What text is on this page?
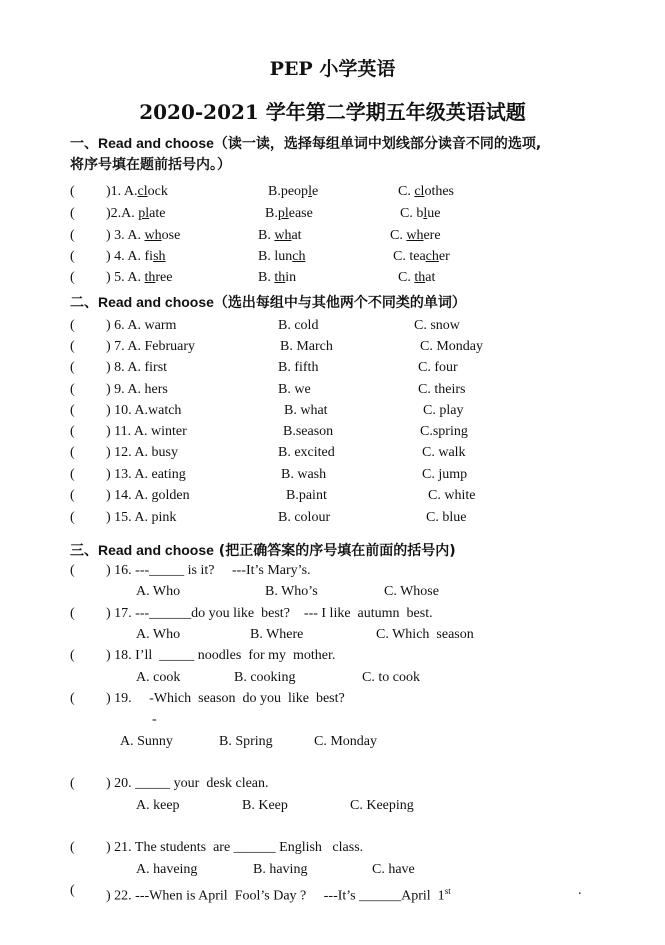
PEP 小学英语
2020-2021 学年第二学期五年级英语试题
一、Read and choose（读一读，选择每组单词中划线部分读音不同的选项,
将序号填在题前括号内。）
( )1. A.clock	B.people	C. clothes
( )2.A. plate	B.please	C. blue
( ) 3. A. whose	B. what	C. where
( ) 4. A. fish	B. lunch	C. teacher
( ) 5. A. three	B. thin	C. that
二、Read and choose（选出每组中与其他两个不同类的单词）
( ) 6. A. warm	B. cold	C. snow
( ) 7. A. February	B. March	C. Monday
( ) 8. A. first	B. fifth	C. four
( ) 9. A. hers	B. we	C. theirs
( ) 10. A.watch	B. what	C. play
( ) 11. A. winter	B.season	C.spring
( ) 12. A. busy	B. excited	C. walk
( ) 13. A. eating	B. wash	C. jump
( ) 14. A. golden	B.paint	C. white
( ) 15. A. pink	B. colour	C. blue
三、Read and choose (把正确答案的序号填在前面的括号内)
( ) 16. ---_____ is it?     ---It’s Mary’s.
A. Who	B. Who’s	C. Whose
( ) 17. ---______do you like  best?    --- I like  autumn  best.
A. Who	B. Where	C. Which  season
( ) 18. I’ll  _____ noodles  for my  mother.
A. cook	B. cooking	C. to cook
( ) 19.     -Which  season  do you  like  best?
-
A. Sunny	B. Spring	C. Monday
( ) 20. _____ your  desk clean.
A. keep	B. Keep	C. Keeping
( ) 21. The students  are ______ English   class.
A. haveing	B. having	C. have
( ) 22. ---When is April  Fool’s Day ?     ---It’s ______April  1st	.
